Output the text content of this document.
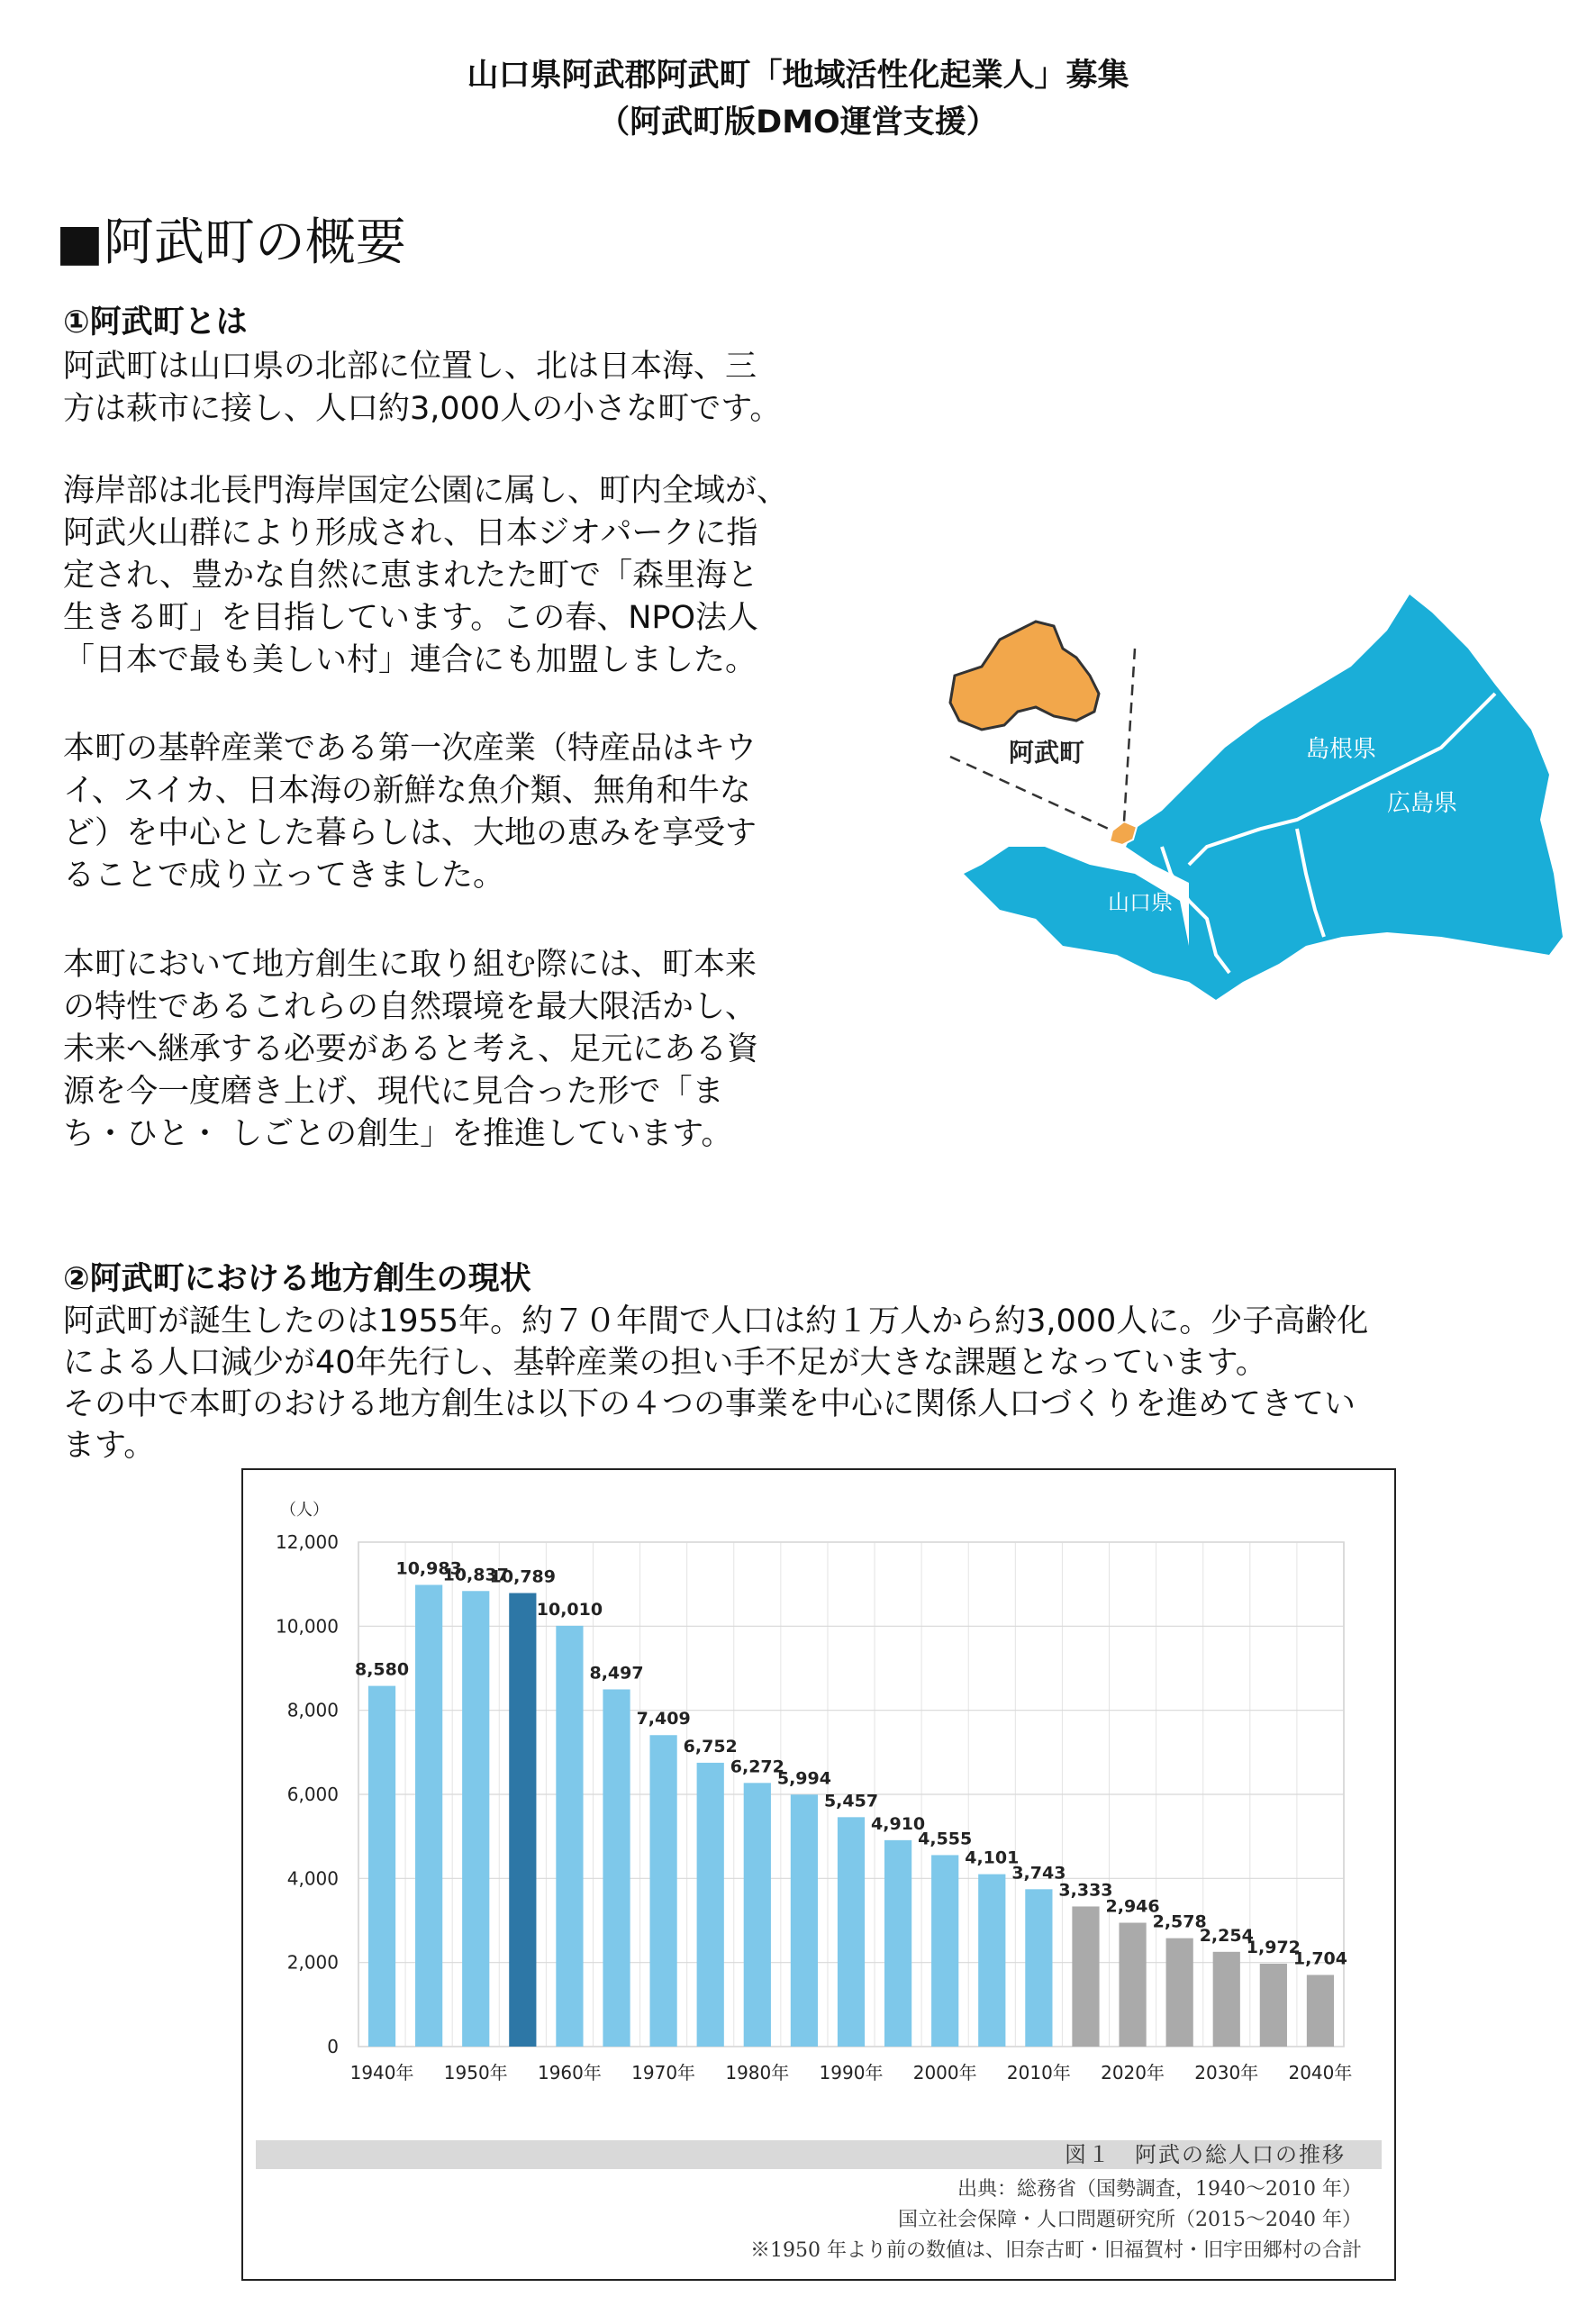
山口県阿武郡阿武町「地域活性化起業人」募集
（阿武町版DMO運営支援）
■阿武町の概要
①阿武町とは

阿武町は山口県の北部に位置し、北は日本海、三
方は萩市に接し、人口約3,000人の小さな町です。

海岸部は北長門海岸国定公園に属し、町内全域が、
阿武火山群により形成され、日本ジオパークに指
定され、豊かな自然に恵まれたた町で「森里海と
生きる町」を目指しています。この春、NPO法人
「日本で最も美しい村」連合にも加盟しました。

本町の基幹産業である第一次産業（特産品はキウ
イ、スイカ、日本海の新鮮な魚介類、無角和牛な
ど）を中心とした暮らしは、大地の恵みを享受す
ることで成り立ってきました。

本町において地方創生に取り組む際には、町本来
の特性であるこれらの自然環境を最大限活かし、
未来へ継承する必要があると考え、足元にある資
源を今一度磨き上げ、現代に見合った形で「ま
ち・ひと・ しごとの創生」を推進しています。

阿武町	島根県
広島県
山口県
②阿武町における地方創生の現状

阿武町が誕生したのは1955年。約７０年間で人口は約１万人から約3,000人に。少子高齢化
による人口減少が40年先行し、基幹産業の担い手不足が大きな課題となっています。
その中で本町のおける地方創生は以下の４つの事業を中心に関係人口づくりを進めてきてい
ます。

0
2,000
4,000
6,000
8,000
10,000
12,000
（人）
8,580
10,983
10,837
10,789
10,010
8,497
7,409
6,752
6,272
5,994
5,457
4,910
4,555
4,101
3,743
3,333
2,946
2,578
2,254
1,972
1,704
1940年 1950年 1960年 1970年 1980年 1990年 2000年 2010年 2020年 2030年 2040年
図１　阿武の総人口の推移
出典：総務省（国勢調査，1940～2010 年）
国立社会保障・人口問題研究所（2015～2040 年）
※1950 年より前の数値は、旧奈古町・旧福賀村・旧宇田郷村の合計
